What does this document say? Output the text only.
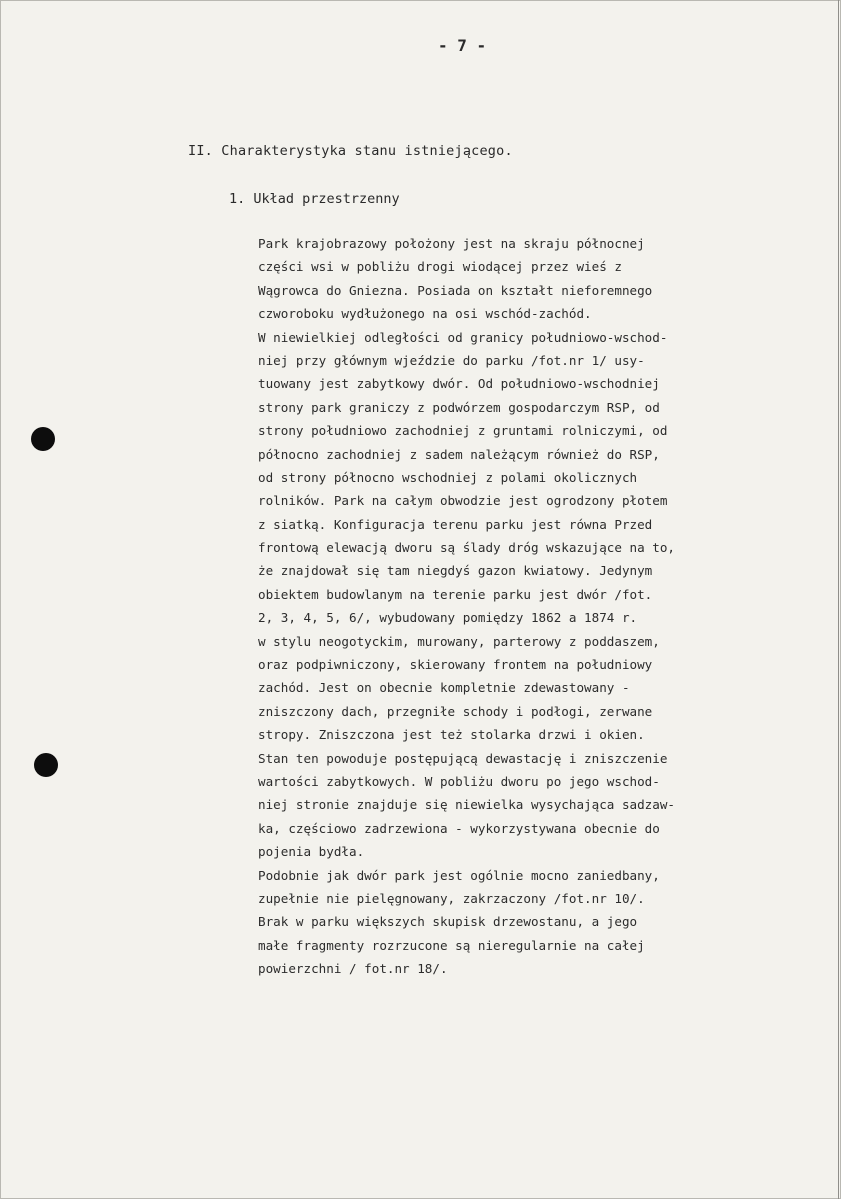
- 7 -
II. Charakterystyka stanu istniejącego.
1. Układ przestrzenny
Park krajobrazowy położony jest na skraju północnej
części wsi w pobliżu drogi wiodącej przez wieś z
Wągrowca do Gniezna. Posiada on kształt nieforemnego
czworoboku wydłużonego na osi wschód-zachód.
W niewielkiej odległości od granicy południowo-wschod-
niej przy głównym wjeździe do parku /fot.nr 1/ usy-
tuowany jest zabytkowy dwór. Od południowo-wschodniej
strony park graniczy z podwórzem gospodarczym RSP, od
strony południowo zachodniej z gruntami rolniczymi, od
północno zachodniej z sadem należącym również do RSP,
od strony północno wschodniej z polami okolicznych
rolników. Park na całym obwodzie jest ogrodzony płotem
z siatką. Konfiguracja terenu parku jest równa Przed
frontową elewacją dworu są ślady dróg wskazujące na to,
że znajdował się tam niegdyś gazon kwiatowy. Jedynym
obiektem budowlanym na terenie parku jest dwór /fot.
2, 3, 4, 5, 6/, wybudowany pomiędzy 1862 a 1874 r.
w stylu neogotyckim, murowany, parterowy z poddaszem,
oraz podpiwniczony, skierowany frontem na południowy
zachód. Jest on obecnie kompletnie zdewastowany -
zniszczony dach, przegniłe schody i podłogi, zerwane
stropy. Zniszczona jest też stolarka drzwi i okien.
Stan ten powoduje postępującą dewastację i zniszczenie
wartości zabytkowych. W pobliżu dworu po jego wschod-
niej stronie znajduje się niewielka wysychająca sadzaw-
ka, częściowo zadrzewiona - wykorzystywana obecnie do
pojenia bydła.
Podobnie jak dwór park jest ogólnie mocno zaniedbany,
zupełnie nie pielęgnowany, zakrzaczony /fot.nr 10/.
Brak w parku większych skupisk drzewostanu, a jego
małe fragmenty rozrzucone są nieregularnie na całej
powierzchni / fot.nr 18/.
